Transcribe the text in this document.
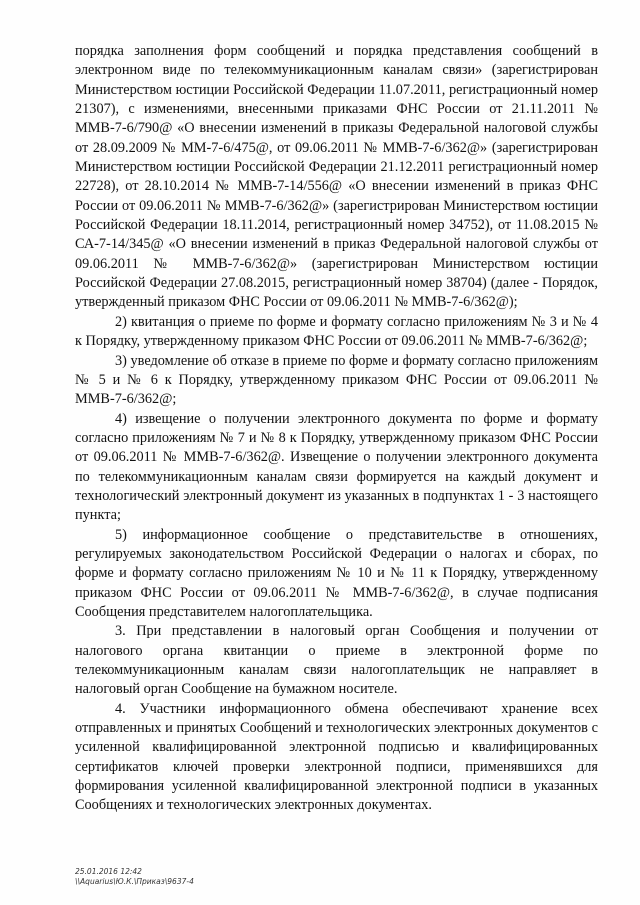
порядка заполнения форм сообщений и порядка представления сообщений в электронном виде по телекоммуникационным каналам связи» (зарегистрирован Министерством юстиции Российской Федерации 11.07.2011, регистрационный номер 21307), с изменениями, внесенными приказами ФНС России от 21.11.2011 № ММВ-7-6/790@ «О внесении изменений в приказы Федеральной налоговой службы от 28.09.2009 № ММ-7-6/475@, от 09.06.2011 № ММВ-7-6/362@» (зарегистрирован Министерством юстиции Российской Федерации 21.12.2011 регистрационный номер 22728), от 28.10.2014 № ММВ-7-14/556@ «О внесении изменений в приказ ФНС России от 09.06.2011 № ММВ-7-6/362@» (зарегистрирован Министерством юстиции Российской Федерации 18.11.2014, регистрационный номер 34752), от 11.08.2015 № СА-7-14/345@ «О внесении изменений в приказ Федеральной налоговой службы от 09.06.2011 № ММВ-7-6/362@» (зарегистрирован Министерством юстиции Российской Федерации 27.08.2015, регистрационный номер 38704) (далее - Порядок, утвержденный приказом ФНС России от 09.06.2011 № ММВ-7-6/362@);

2) квитанция о приеме по форме и формату согласно приложениям № 3 и № 4 к Порядку, утвержденному приказом ФНС России от 09.06.2011 № ММВ-7-6/362@;

3) уведомление об отказе в приеме по форме и формату согласно приложениям № 5 и № 6 к Порядку, утвержденному приказом ФНС России от 09.06.2011 № ММВ-7-6/362@;

4) извещение о получении электронного документа по форме и формату согласно приложениям № 7 и № 8 к Порядку, утвержденному приказом ФНС России от 09.06.2011 № ММВ-7-6/362@. Извещение о получении электронного документа по телекоммуникационным каналам связи формируется на каждый документ и технологический электронный документ из указанных в подпунктах 1 - 3 настоящего пункта;

5) информационное сообщение о представительстве в отношениях, регулируемых законодательством Российской Федерации о налогах и сборах, по форме и формату согласно приложениям № 10 и № 11 к Порядку, утвержденному приказом ФНС России от 09.06.2011 № ММВ-7-6/362@, в случае подписания Сообщения представителем налогоплательщика.

3. При представлении в налоговый орган Сообщения и получении от налогового органа квитанции о приеме в электронной форме по телекоммуникационным каналам связи налогоплательщик не направляет в налоговый орган Сообщение на бумажном носителе.

4. Участники информационного обмена обеспечивают хранение всех отправленных и принятых Сообщений и технологических электронных документов с усиленной квалифицированной электронной подписью и квалифицированных сертификатов ключей проверки электронной подписи, применявшихся для формирования усиленной квалифицированной электронной подписи в указанных Сообщениях и технологических электронных документах.

25.01.2016 12:42
\\Aquarius\Ю.К.\Приказ\9637-4
